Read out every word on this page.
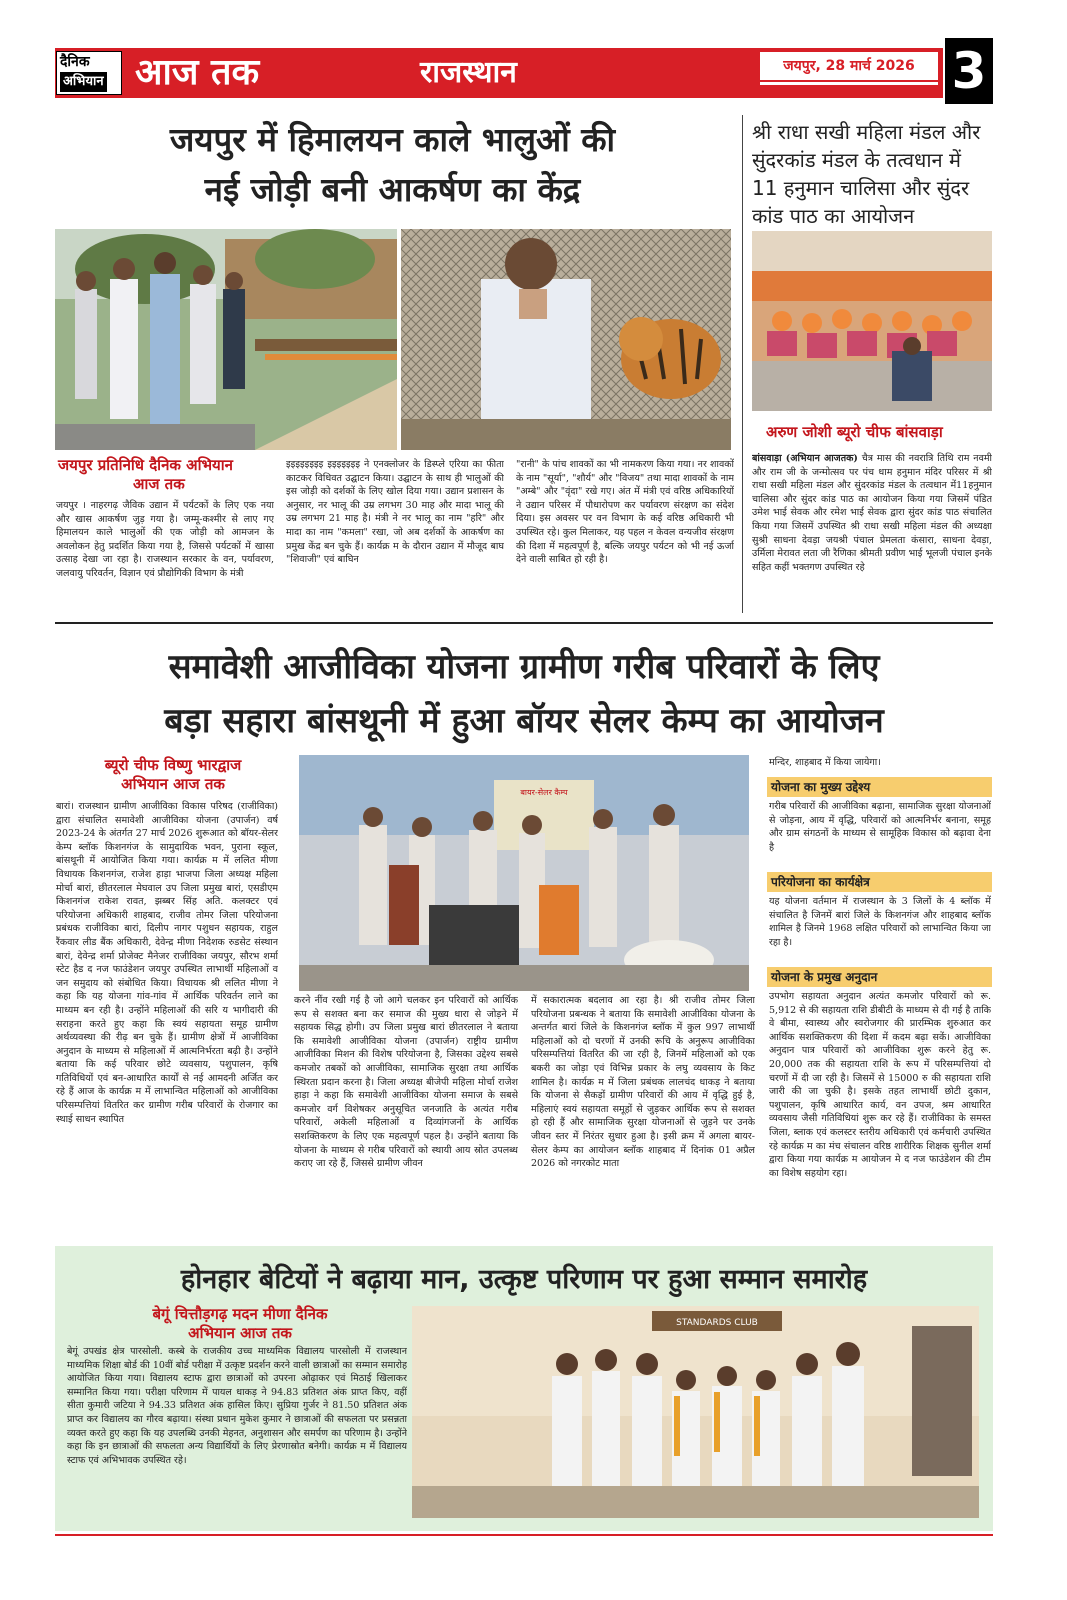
दैनिक
अभियान आज तक	राजस्थान	जयपुर, 28 मार्च 2026 3
जयपुर में हिमालयन काले भालुओं की
नई जोड़ी बनी आकर्षण का केंद्र
जयपुर प्रतिनिधि दैनिक अभियान
आज तक
जयपुर । नाहरगढ़ जैविक उद्यान में पर्यटकों के लिए एक नया और खास आकर्षण जुड़ गया है। जम्मू-कश्मीर से लाए गए हिमालयन काले भालुओं की एक जोड़ी को आमजन के अवलोकन हेतु प्रदर्शित किया गया है, जिससे पर्यटकों में खासा उत्साह देखा जा रहा है। राजस्थान सरकार के वन, पर्यावरण, जलवायु परिवर्तन, विज्ञान एवं प्रौद्योगिकी विभाग के मंत्री
इइइइइइइइ इइइइइइइ ने एनक्लोजर के डिस्प्ले एरिया का फीता काटकर विधिवत उद्घाटन किया। उद्घाटन के साथ ही भालुओं की इस जोड़ी को दर्शकों के लिए खोल दिया गया। उद्यान प्रशासन के अनुसार, नर भालू की उम्र लगभग 30 माह और मादा भालू की उम्र लगभग 21 माह है। मंत्री ने नर भालू का नाम "हरि" और मादा का नाम "कमला" रखा, जो अब दर्शकों के आकर्षण का प्रमुख केंद्र बन चुके हैं। कार्यक्र म के दौरान उद्यान में मौजूद बाघ "शिवाजी" एवं बाघिन
"रानी" के पांच शावकों का भी नामकरण किया गया। नर शावकों के नाम "सूर्या", "शौर्य" और "विजय" तथा मादा शावकों के नाम "अम्बे" और "वृंदा" रखे गए। अंत में मंत्री एवं वरिष्ठ अधिकारियों ने उद्यान परिसर में पौधारोपण कर पर्यावरण संरक्षण का संदेश दिया। इस अवसर पर वन विभाग के कई वरिष्ठ अधिकारी भी उपस्थित रहे। कुल मिलाकर, यह पहल न केवल वन्यजीव संरक्षण की दिशा में महत्वपूर्ण है, बल्कि जयपुर पर्यटन को भी नई ऊर्जा देने वाली साबित हो रही है।
श्री राधा सखी महिला मंडल और सुंदरकांड मंडल के तत्वधान में 11 हनुमान चालिसा और सुंदर कांड पाठ का आयोजन
अरुण जोशी ब्यूरो चीफ बांसवाड़ा
बांसवाड़ा (अभियान आजतक) चैत्र मास की नवरात्रि तिथि राम नवमी और राम जी के जन्मोत्सव पर पंच धाम हनुमान मंदिर परिसर में श्री राधा सखी महिला मंडल और सुंदरकांड मंडल के तत्वधान में11हनुमान चालिसा और सुंदर कांड पाठ का आयोजन किया गया जिसमें पंडित उमेश भाई सेवक और रमेश भाई सेवक द्वारा सुंदर कांड पाठ संचालित किया गया जिसमें उपस्थित श्री राधा सखी महिला मंडल की अध्यक्षा सुश्री साधना देवड़ा जयश्री पंचाल प्रेमलता कंसारा, साधना देवड़ा, उर्मिला मेरावत लता जी रैणिका श्रीमती प्रवीण भाई भूलजी पंचाल इनके सहित कहीं भक्तगण उपस्थित रहे
समावेशी आजीविका योजना ग्रामीण गरीब परिवारों के लिए
बड़ा सहारा बांसथूनी में हुआ बॉयर सेलर केम्प का आयोजन
ब्यूरो चीफ विष्णु भारद्वाज
अभियान आज तक	बायर-सेलर कैम्प
बारां। राजस्थान ग्रामीण आजीविका विकास परिषद (राजीविका) द्वारा संचालित समावेशी आजीविका योजना (उपार्जन) वर्ष 2023-24 के अंतर्गत 27 मार्च 2026 शुरूआत को बॉयर-सेलर केम्प ब्लॉक किशनगंज के सामुदायिक भवन, पुराना स्कूल, बांसथूनी में आयोजित किया गया। कार्यक्र म में ललित मीणा विधायक किशनगंज, राजेश हाड़ा भाजपा जिला अध्यक्ष महिला मोर्चा बारां, छीतरलाल मेघवाल उप जिला प्रमुख बारां, एसडीएम किशनगंज राकेश रावत, झब्बर सिंह अति. कलक्टर एवं परियोजना अधिकारी शाहबाद, राजीव तोमर जिला परियोजना प्रबंधक राजीविका बारां, दिलीप नागर पशुधन सहायक, राहुल रैंकवार लीड बैंक अधिकारी, देवेन्द्र मीणा निदेशक रुडसेट संस्थान बारां, देवेन्द्र शर्मा प्रोजेक्ट मैनेजर राजीविका जयपुर, सौरभ शर्मा स्टेट हैड द नज फाउंडेशन जयपुर उपस्थित लाभार्थी महिलाओं व जन समुदाय को संबोधित किया। विधायक श्री ललित मीणा ने कहा कि यह योजना गांव-गांव में आर्थिक परिवर्तन लाने का माध्यम बन रही है। उन्होंने महिलाओं की सरि य भागीदारी की सराहना करते हुए कहा कि स्वयं सहायता समूह ग्रामीण अर्थव्यवस्था की रीढ़ बन चुके हैं। ग्रामीण क्षेत्रों में आजीविका अनुदान के माध्यम से महिलाओं में आत्मनिर्भरता बढ़ी है। उन्होंने बताया कि कई परिवार छोटे व्यवसाय, पशुपालन, कृषि गतिविधियों एवं बन-आधारित कार्यों से नई आमदनी अर्जित कर रहे हैं आज के कार्यक्र म में लाभान्वित महिलाओं को आजीविका परिसम्पत्तियां वितरित कर ग्रामीण गरीब परिवारों के रोजगार का स्थाई साधन स्थापित
करने नींव रखी गई है जो आगे चलकर इन परिवारों को आर्थिक रूप से सशक्त बना कर समाज की मुख्य धारा से जोड़ने में सहायक सिद्ध होगी। उप जिला प्रमुख बारां छीतरलाल ने बताया कि समावेशी आजीविका योजना (उपार्जन) राष्ट्रीय ग्रामीण आजीविका मिशन की विशेष परियोजना है, जिसका उद्देश्य सबसे कमजोर तबकों को आजीविका, सामाजिक सुरक्षा तथा आर्थिक स्थिरता प्रदान करना है। जिला अध्यक्ष बीजेपी महिला मोर्चा राजेश हाड़ा ने कहा कि समावेशी आजीविका योजना समाज के सबसे कमजोर वर्ग विशेषकर अनुसूचित जनजाति के अत्यंत गरीब परिवारों, अकेली महिलाओं व दिव्यांगजनों के आर्थिक सशक्तिकरण के लिए एक महत्वपूर्ण पहल है। उन्होंने बताया कि योजना के माध्यम से गरीब परिवारों को स्थायी आय स्रोत उपलब्ध कराए जा रहे हैं, जिससे ग्रामीण जीवन
में सकारात्मक बदलाव आ रहा है। श्री राजीव तोमर जिला परियोजना प्रबन्धक ने बताया कि समावेशी आजीविका योजना के अन्तर्गत बारां जिले के किशनगंज ब्लॉक में कुल 997 लाभार्थी महिलाओं को दो चरणों में उनकी रूचि के अनुरूप आजीविका परिसम्पत्तियां वितरित की जा रही है, जिनमें महिलाओं को एक बकरी का जोड़ा एवं विभिन्न प्रकार के लघु व्यवसाय के किट शामिल है। कार्यक्र म में जिला प्रबंधक लालचंद धाकड़ ने बताया कि योजना से सैकड़ों ग्रामीण परिवारों की आय में वृद्धि हुई है, महिलाएं स्वयं सहायता समूहों से जुड़कर आर्थिक रूप से सशक्त हो रही हैं और सामाजिक सुरक्षा योजनाओं से जुड़ने पर उनके जीवन स्तर में निरंतर सुधार हुआ है। इसी क्रम में अगला बायर-सेलर केम्प का आयोजन ब्लॉक शाहबाद में दिनांक 01 अप्रैल 2026 को नगरकोट माता
मन्दिर, शाहबाद में किया जायेगा।
योजना का मुख्य उद्देश्य
गरीब परिवारों की आजीविका बढ़ाना, सामाजिक सुरक्षा योजनाओं से जोड़ना, आय में वृद्धि, परिवारों को आत्मनिर्भर बनाना, समूह और ग्राम संगठनों के माध्यम से सामूहिक विकास को बढ़ावा देना है
परियोजना का कार्यक्षेत्र
यह योजना वर्तमान में राजस्थान के 3 जिलों के 4 ब्लॉक में संचालित है जिनमें बारां जिले के किशनगंज और शाहबाद ब्लॉक शामिल है जिनमे 1968 लक्षित परिवारों को लाभान्वित किया जा रहा है।
योजना के प्रमुख अनुदान
उपभोग सहायता अनुदान अत्यंत कमजोर परिवारों को रू. 5,912 से की सहायता राशि डीबीटी के माध्यम से दी गई है ताकि वे बीमा, स्वास्थ्य और स्वरोजगार की प्रारम्भिक शुरुआत कर आर्थिक सशक्तिकरण की दिशा में कदम बढ़ा सकें। आजीविका अनुदान पात्र परिवारों को आजीविका शुरू करने हेतु रू. 20,000 तक की सहायता राशि के रूप में परिसम्पत्तियां दो चरणों में दी जा रही है। जिसमें से 15000 रु की सहायता राशि जारी की जा चुकी है। इसके तहत लाभार्थी छोटी दुकान, पशुपालन, कृषि आधारित कार्य, वन उपज, श्रम आधारित व्यवसाय जैसी गतिविधियां शुरू कर रहे हैं। राजीविका के समस्त जिला, ब्लाक एवं कलस्टर स्तरीय अधिकारी एवं कर्मचारी उपस्थित रहे कार्यक्र म का मंच संचालन वरिष्ठ शारीरिक शिक्षक सुनील शर्मा द्वारा किया गया कार्यक्र म आयोजन मे द नज फाउंडेशन की टीम का विशेष सहयोग रहा।
होनहार बेटियों ने बढ़ाया मान, उत्कृष्ट परिणाम पर हुआ सम्मान समारोह
बेगूं चित्तौड़गढ़ मदन मीणा दैनिक
अभियान आज तक
बेगूं उपखंड क्षेत्र पारसोली. कस्बे के राजकीय उच्च माध्यमिक विद्यालय पारसोली में राजस्थान माध्यमिक शिक्षा बोर्ड की 10वीं बोर्ड परीक्षा में उत्कृष्ट प्रदर्शन करने वाली छात्राओं का सम्मान समारोह आयोजित किया गया। विद्यालय स्टाफ द्वारा छात्राओं को उपरना ओढ़ाकर एवं मिठाई खिलाकर सम्मानित किया गया। परीक्षा परिणाम में पायल धाकड़ ने 94.83 प्रतिशत अंक प्राप्त किए, वहीं सीता कुमारी जटिया ने 94.33 प्रतिशत अंक हासिल किए। सुप्रिया गुर्जर ने 81.50 प्रतिशत अंक प्राप्त कर विद्यालय का गौरव बढ़ाया। संस्था प्रधान मुकेश कुमार ने छात्राओं की सफलता पर प्रसन्नता व्यक्त करते हुए कहा कि यह उपलब्धि उनकी मेहनत, अनुशासन और समर्पण का परिणाम है। उन्होंने कहा कि इन छात्राओं की सफलता अन्य विद्यार्थियों के लिए प्रेरणास्रोत बनेगी। कार्यक्र म में विद्यालय स्टाफ एवं अभिभावक उपस्थित रहे।
STANDARDS CLUB
